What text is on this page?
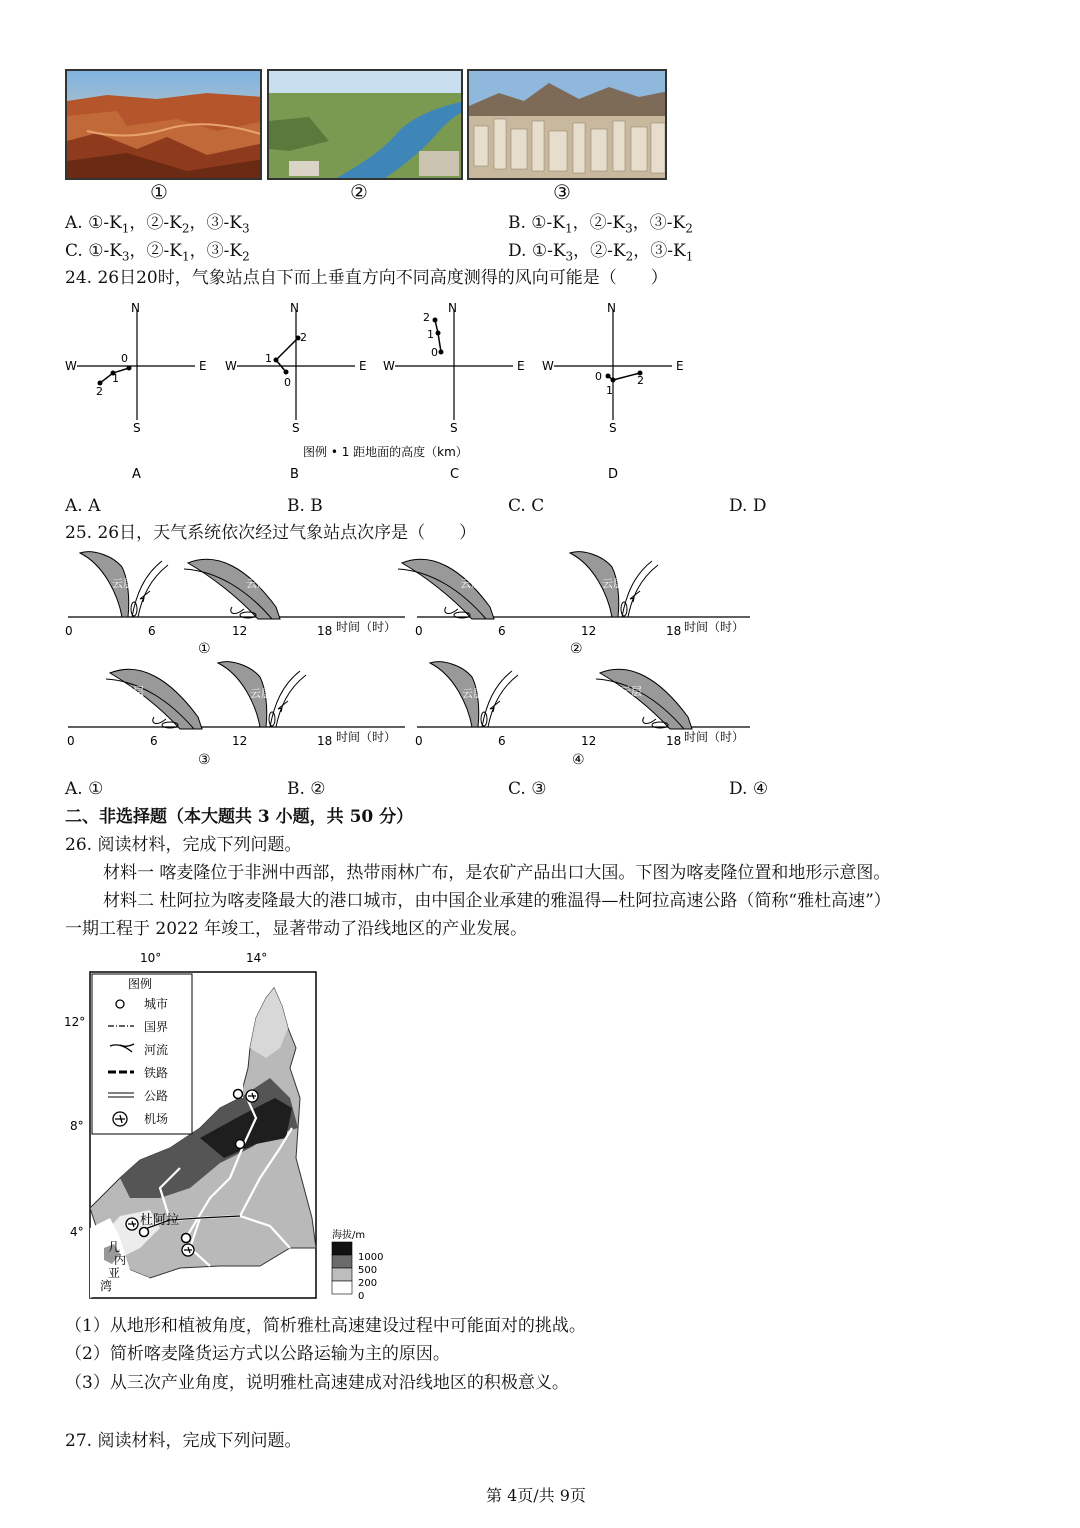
①	②	③
A. $①-K_1$，$②-K_2$，$③-K_3$	B. $①-K_1$，$②-K_3$，$③-K_2$
C. $①-K_3$，$②-K_1$，$③-K_2$	D. $①-K_3$，$②-K_2$，$③-K_1$
24. 26日20时，气象站点自下而上垂直方向不同高度测得的风向可能是（　　）
N
S
E
W
0
1
2
N
S
E
W
0
1
2
N
S
E
W
0
1
2
N
S
E
W
0
1
2
图例 • 1 距地面的高度（km）
A	B	C	D
A. A	B. B	C. C	D. D
25. 26日，天气系统依次经过气象站点次序是（　　）
云层	云层	云层	云层
云层	云层	云层	云层
0	6	12	18 时间（时） 0	6	12	18 时间（时）
0	6	12	18 时间（时） 0	6	12	18 时间（时）
①	②
③	④
A. ①	B. ②	C. ③	D. ④
二、非选择题（本大题共 3 小题，共 50 分）
26. 阅读材料，完成下列问题。
材料一 喀麦隆位于非洲中西部，热带雨林广布，是农矿产品出口大国。下图为喀麦隆位置和地形示意图。
材料二 杜阿拉为喀麦隆最大的港口城市，由中国企业承建的雅温得—杜阿拉高速公路（简称“雅杜高速”）
一期工程于 2022 年竣工，显著带动了沿线地区的产业发展。
10°	14°
12°
8°
4°
杜阿拉
几
内
亚
湾
图例
城市
国界
河流
铁路
公路
机场
海拔/m
1000
500
200
0
（1）从地形和植被角度，简析雅杜高速建设过程中可能面对的挑战。
（2）简析喀麦隆货运方式以公路运输为主的原因。
（3）从三次产业角度，说明雅杜高速建成对沿线地区的积极意义。
27. 阅读材料，完成下列问题。
第 4页/共 9页
